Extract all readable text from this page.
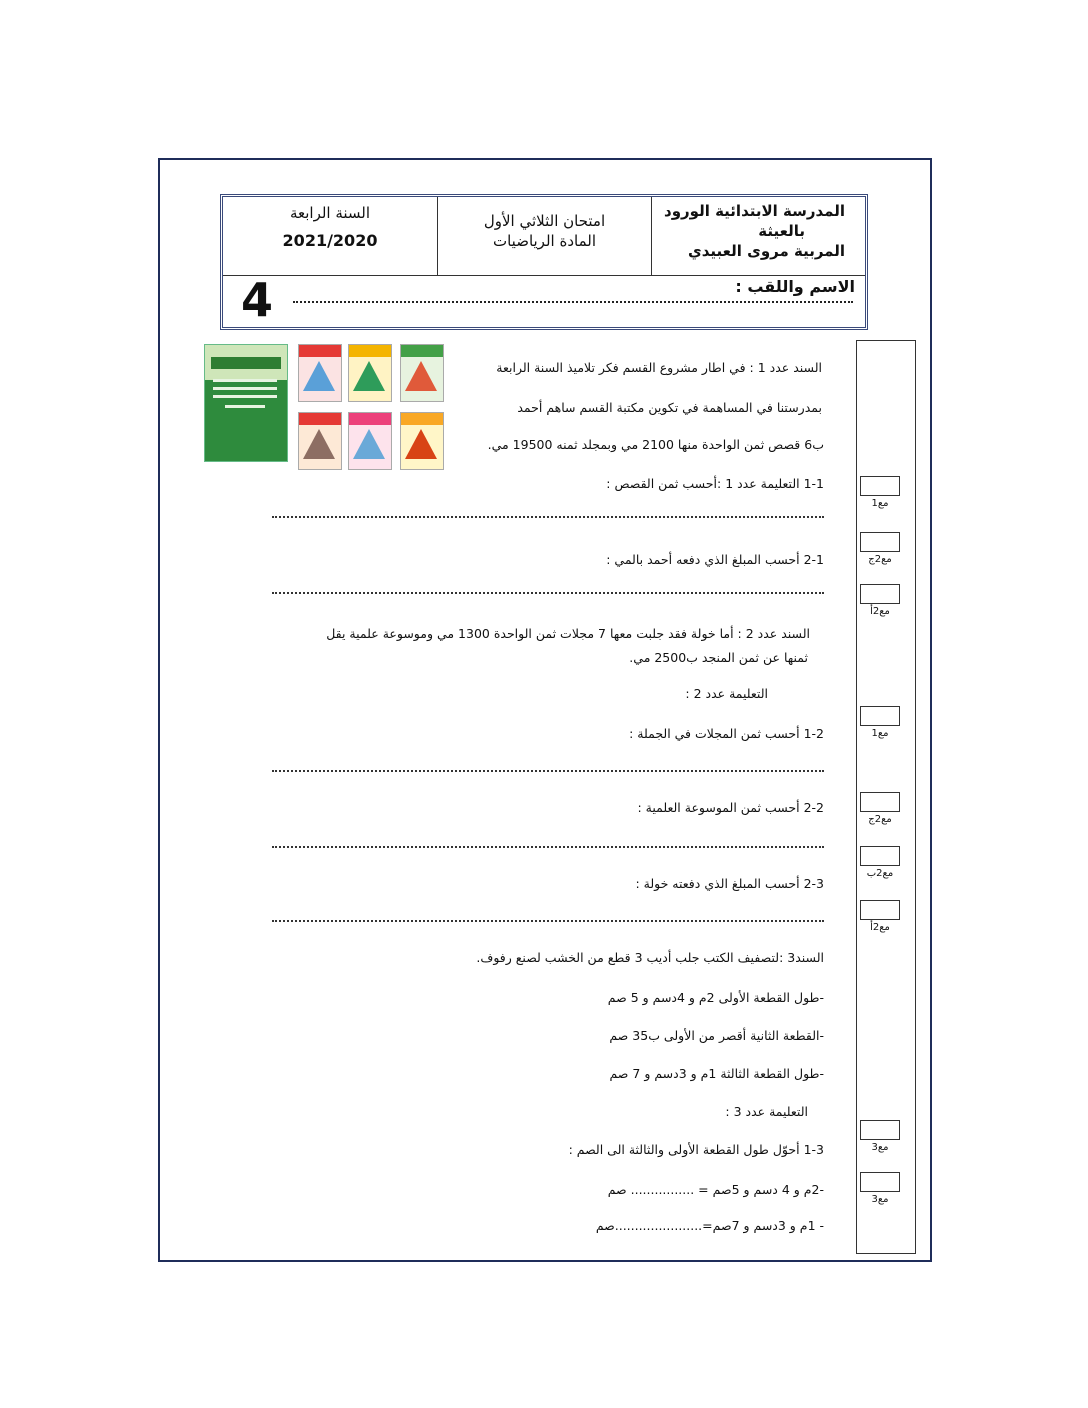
المدرسة الابتدائية الورود
بالعيثة
المربية مروى العبيدي
امتحان الثلاثي الأول
المادة الرياضيات
السنة الرابعة
2021/2020
الاسم واللقب :
4
مع1
مع2ج
مع2أ
مع1
مع2ج
مع2ب
مع2أ
مع3
مع3
السند عدد 1 : في اطار مشروع القسم فكر تلاميذ السنة الرابعة
بمدرستنا في المساهمة في تكوين مكتبة القسم ساهم أحمد
ب6 قصص ثمن الواحدة منها 2100 مي وبمجلد ثمنه 19500 مي.
1-1 التعليمة عدد 1 :أحسب ثمن القصص :
2-1 أحسب المبلغ الذي دفعه أحمد بالمي :
السند عدد 2 : أما خولة فقد جلبت معها 7 مجلات ثمن الواحدة 1300 مي وموسوعة علمية يقل
ثمنها عن ثمن المنجد ب2500 مي.
التعليمة عدد 2 :
1-2 أحسب ثمن المجلات في الجملة :
2-2 أحسب ثمن الموسوعة العلمية :
2-3 أحسب المبلغ الذي دفعته خولة :
السند3 :لتصفيف الكتب جلب أديب 3 قطع من الخشب لصنع رفوف.
-طول القطعة الأولى 2م و 4دسم و 5 صم
-القطعة الثانية أقصر من الأولى ب35 صم
-طول القطعة الثالثة 1م و 3دسم و 7 صم
التعليمة عدد 3 :
1-3 أحوّل طول القطعة الأولى والثالثة الى الصم :
-2م و 4 دسم و 5صم = ................ صم
- 1م و 3دسم و 7صم=......................صم
